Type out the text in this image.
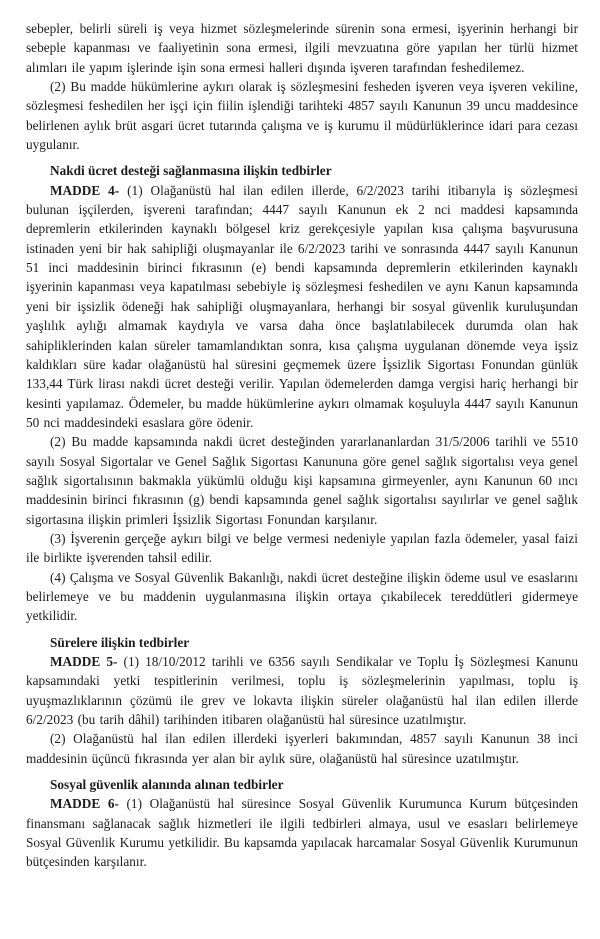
sebepler, belirli süreli iş veya hizmet sözleşmelerinde sürenin sona ermesi, işyerinin herhangi bir sebeple kapanması ve faaliyetinin sona ermesi, ilgili mevzuatına göre yapılan her türlü hizmet alımları ile yapım işlerinde işin sona ermesi halleri dışında işveren tarafından feshedilemez.

(2) Bu madde hükümlerine aykırı olarak iş sözleşmesini fesheden işveren veya işveren vekiline, sözleşmesi feshedilen her işçi için fiilin işlendiği tarihteki 4857 sayılı Kanunun 39 uncu maddesince belirlenen aylık brüt asgari ücret tutarında çalışma ve iş kurumu il müdürlüklerince idari para cezası uygulanır.

Nakdi ücret desteği sağlanmasına ilişkin tedbirler

MADDE 4- (1) Olağanüstü hal ilan edilen illerde, 6/2/2023 tarihi itibarıyla iş sözleşmesi bulunan işçilerden, işvereni tarafından; 4447 sayılı Kanunun ek 2 nci maddesi kapsamında depremlerin etkilerinden kaynaklı bölgesel kriz gerekçesiyle yapılan kısa çalışma başvurusuna istinaden yeni bir hak sahipliği oluşmayanlar ile 6/2/2023 tarihi ve sonrasında 4447 sayılı Kanunun 51 inci maddesinin birinci fıkrasının (e) bendi kapsamında depremlerin etkilerinden kaynaklı işyerinin kapanması veya kapatılması sebebiyle iş sözleşmesi feshedilen ve aynı Kanun kapsamında yeni bir işsizlik ödeneği hak sahipliği oluşmayanlara, herhangi bir sosyal güvenlik kuruluşundan yaşlılık aylığı almamak kaydıyla ve varsa daha önce başlatılabilecek durumda olan hak sahipliklerinden kalan süreler tamamlandıktan sonra, kısa çalışma uygulanan dönemde veya işsiz kaldıkları süre kadar olağanüstü hal süresini geçmemek üzere İşsizlik Sigortası Fonundan günlük 133,44 Türk lirası nakdi ücret desteği verilir. Yapılan ödemelerden damga vergisi hariç herhangi bir kesinti yapılamaz. Ödemeler, bu madde hükümlerine aykırı olmamak koşuluyla 4447 sayılı Kanunun 50 nci maddesindeki esaslara göre ödenir.

(2) Bu madde kapsamında nakdi ücret desteğinden yararlananlardan 31/5/2006 tarihli ve 5510 sayılı Sosyal Sigortalar ve Genel Sağlık Sigortası Kanununa göre genel sağlık sigortalısı veya genel sağlık sigortalısının bakmakla yükümlü olduğu kişi kapsamına girmeyenler, aynı Kanunun 60 ıncı maddesinin birinci fıkrasının (g) bendi kapsamında genel sağlık sigortalısı sayılırlar ve genel sağlık sigortasına ilişkin primleri İşsizlik Sigortası Fonundan karşılanır.

(3) İşverenin gerçeğe aykırı bilgi ve belge vermesi nedeniyle yapılan fazla ödemeler, yasal faizi ile birlikte işverenden tahsil edilir.

(4) Çalışma ve Sosyal Güvenlik Bakanlığı, nakdi ücret desteğine ilişkin ödeme usul ve esaslarını belirlemeye ve bu maddenin uygulanmasına ilişkin ortaya çıkabilecek tereddütleri gidermeye yetkilidir.

Sürelere ilişkin tedbirler

MADDE 5- (1) 18/10/2012 tarihli ve 6356 sayılı Sendikalar ve Toplu İş Sözleşmesi Kanunu kapsamındaki yetki tespitlerinin verilmesi, toplu iş sözleşmelerinin yapılması, toplu iş uyuşmazlıklarının çözümü ile grev ve lokavta ilişkin süreler olağanüstü hal ilan edilen illerde 6/2/2023 (bu tarih dâhil) tarihinden itibaren olağanüstü hal süresince uzatılmıştır.

(2) Olağanüstü hal ilan edilen illerdeki işyerleri bakımından, 4857 sayılı Kanunun 38 inci maddesinin üçüncü fıkrasında yer alan bir aylık süre, olağanüstü hal süresince uzatılmıştır.

Sosyal güvenlik alanında alınan tedbirler

MADDE 6- (1) Olağanüstü hal süresince Sosyal Güvenlik Kurumunca Kurum bütçesinden finansmanı sağlanacak sağlık hizmetleri ile ilgili tedbirleri almaya, usul ve esasları belirlemeye Sosyal Güvenlik Kurumu yetkilidir. Bu kapsamda yapılacak harcamalar Sosyal Güvenlik Kurumunun bütçesinden karşılanır.
